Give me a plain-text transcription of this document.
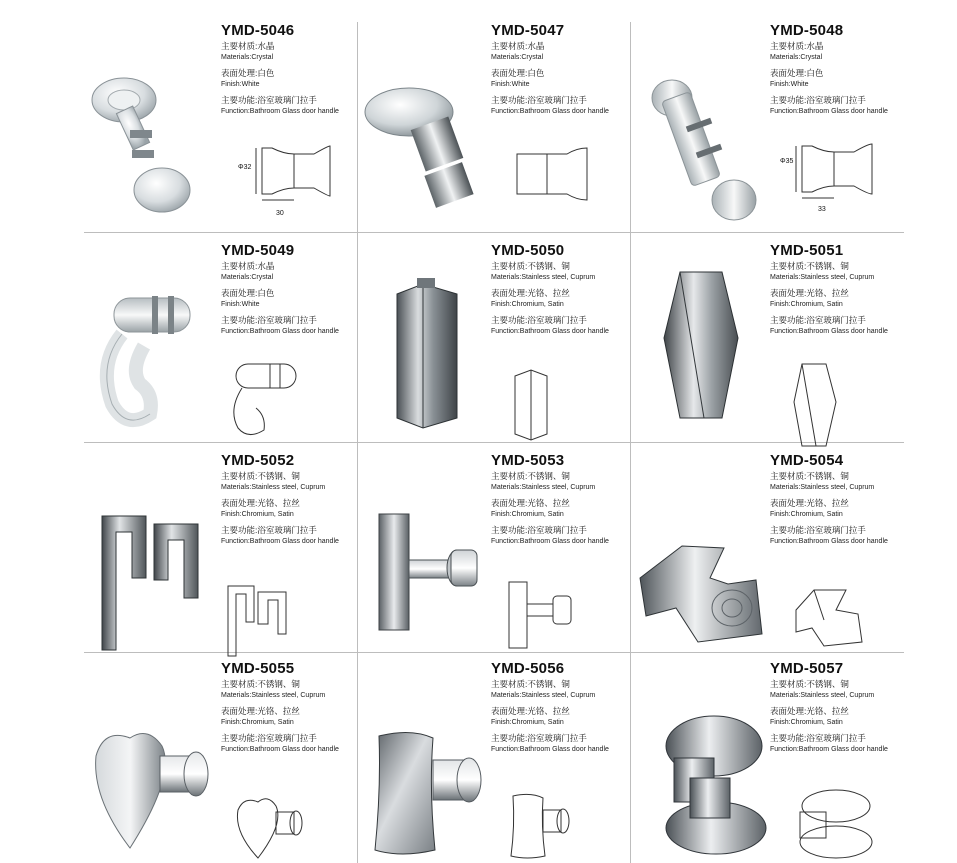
YMD-5046
主要材质:水晶
Materials:Crystal
表面处理:白色
Finish:White
主要功能:浴室玻璃门拉手
Function:Bathroom Glass door handle
Φ32
30
YMD-5047
主要材质:水晶
Materials:Crystal
表面处理:白色
Finish:White
主要功能:浴室玻璃门拉手
Function:Bathroom Glass door handle
YMD-5048
主要材质:水晶
Materials:Crystal
表面处理:白色
Finish:White
主要功能:浴室玻璃门拉手
Function:Bathroom Glass door handle
Φ35
33
YMD-5049
主要材质:水晶
Materials:Crystal
表面处理:白色
Finish:White
主要功能:浴室玻璃门拉手
Function:Bathroom Glass door handle
YMD-5050
主要材质:不锈钢、铜
Materials:Stainless steel, Cuprum
表面处理:光铬、拉丝
Finish:Chromium, Satin
主要功能:浴室玻璃门拉手
Function:Bathroom Glass door handle
YMD-5051
主要材质:不锈钢、铜
Materials:Stainless steel, Cuprum
表面处理:光铬、拉丝
Finish:Chromium, Satin
主要功能:浴室玻璃门拉手
Function:Bathroom Glass door handle
YMD-5052
主要材质:不锈钢、铜
Materials:Stainless steel, Cuprum
表面处理:光铬、拉丝
Finish:Chromium, Satin
主要功能:浴室玻璃门拉手
Function:Bathroom Glass door handle
YMD-5053
主要材质:不锈钢、铜
Materials:Stainless steel, Cuprum
表面处理:光铬、拉丝
Finish:Chromium, Satin
主要功能:浴室玻璃门拉手
Function:Bathroom Glass door handle
YMD-5054
主要材质:不锈钢、铜
Materials:Stainless steel, Cuprum
表面处理:光铬、拉丝
Finish:Chromium, Satin
主要功能:浴室玻璃门拉手
Function:Bathroom Glass door handle
YMD-5055
主要材质:不锈钢、铜
Materials:Stainless steel, Cuprum
表面处理:光铬、拉丝
Finish:Chromium, Satin
主要功能:浴室玻璃门拉手
Function:Bathroom Glass door handle
YMD-5056
主要材质:不锈钢、铜
Materials:Stainless steel, Cuprum
表面处理:光铬、拉丝
Finish:Chromium, Satin
主要功能:浴室玻璃门拉手
Function:Bathroom Glass door handle
YMD-5057
主要材质:不锈钢、铜
Materials:Stainless steel, Cuprum
表面处理:光铬、拉丝
Finish:Chromium, Satin
主要功能:浴室玻璃门拉手
Function:Bathroom Glass door handle
